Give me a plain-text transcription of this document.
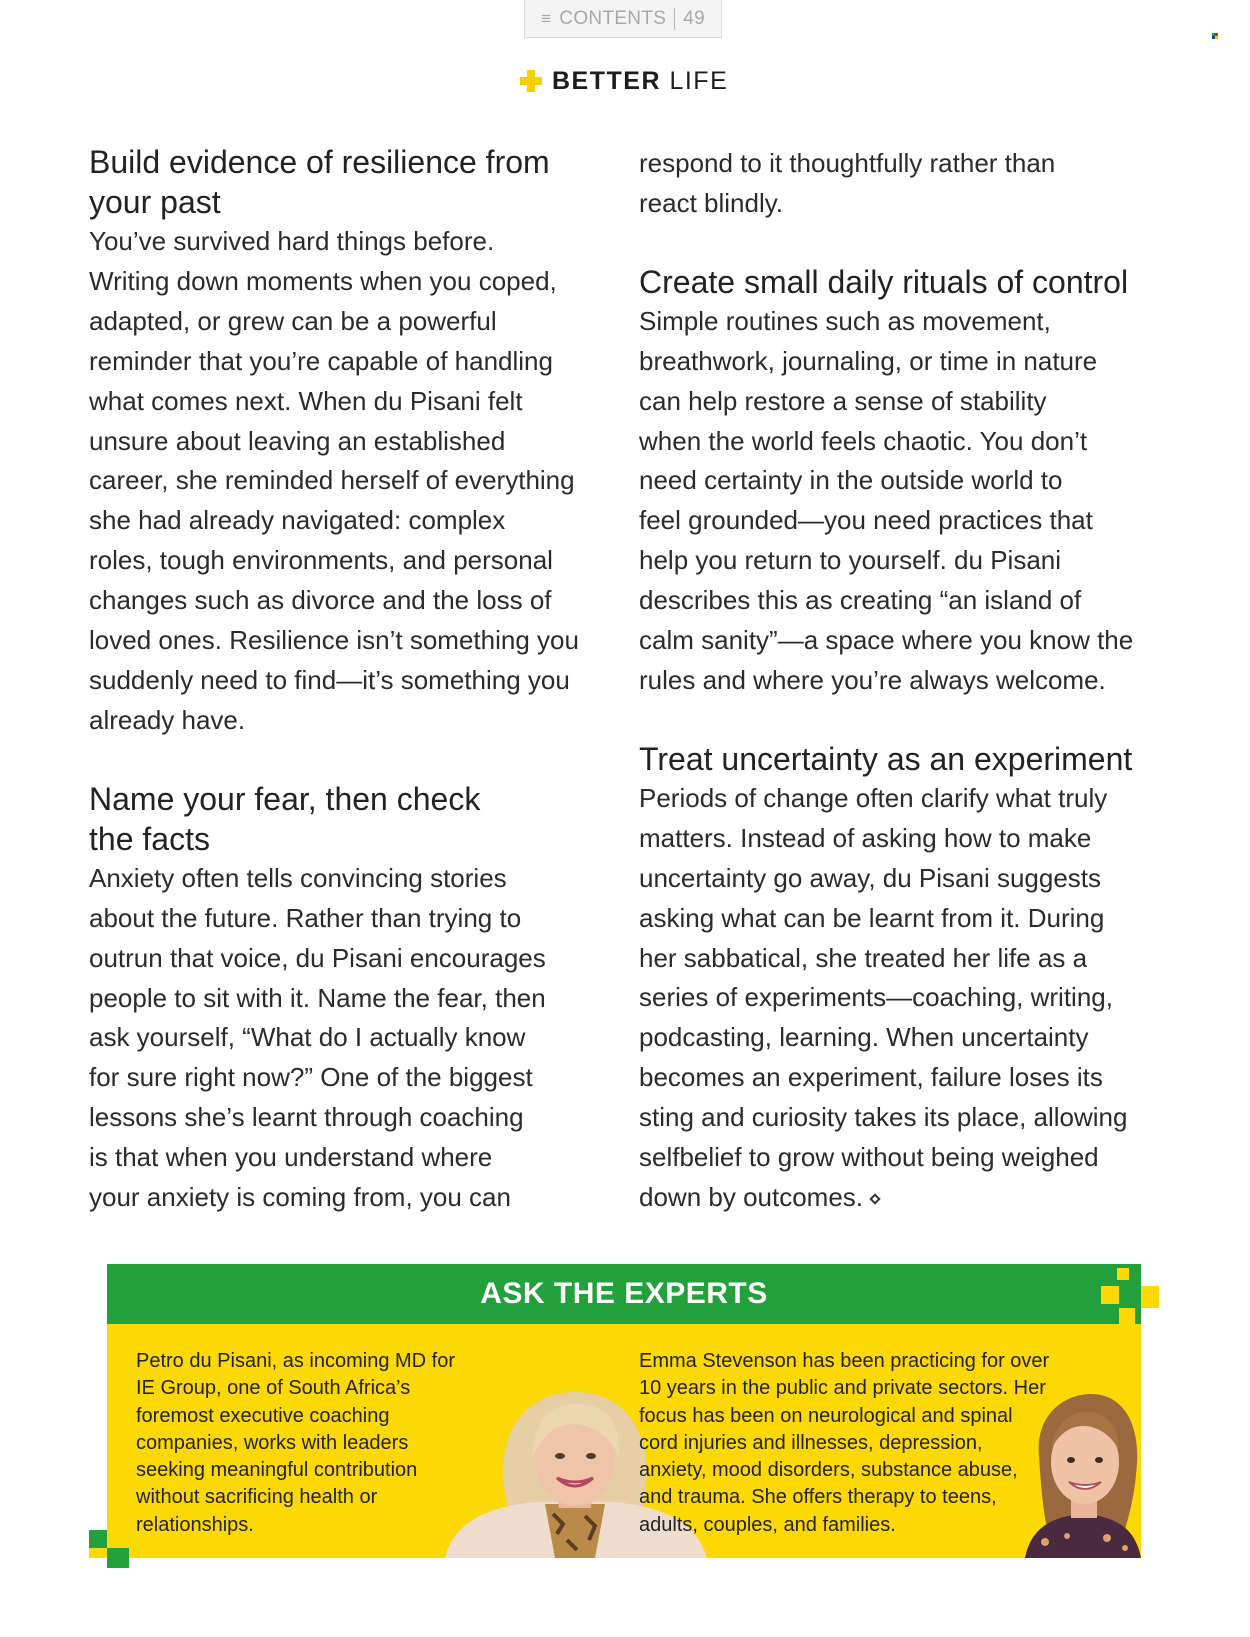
≡ CONTENTS 49
BETTER LIFE
Build evidence of resilience from
your past
You’ve survived hard things before.
Writing down moments when you coped,
adapted, or grew can be a powerful
reminder that you’re capable of handling
what comes next. When du Pisani felt
unsure about leaving an established
career, she reminded herself of everything
she had already navigated: complex
roles, tough environments, and personal
changes such as divorce and the loss of
loved ones. Resilience isn’t something you
suddenly need to find—it’s something you
already have.
Name your fear, then check
the facts
Anxiety often tells convincing stories
about the future. Rather than trying to
outrun that voice, du Pisani encourages
people to sit with it. Name the fear, then
ask yourself, “What do I actually know
for sure right now?” One of the biggest
lessons she’s learnt through coaching
is that when you understand where
your anxiety is coming from, you can
respond to it thoughtfully rather than
react blindly.
Create small daily rituals of control
Simple routines such as movement,
breathwork, journaling, or time in nature
can help restore a sense of stability
when the world feels chaotic. You don’t
need certainty in the outside world to
feel grounded—you need practices that
help you return to yourself. du Pisani
describes this as creating “an island of
calm sanity”—a space where you know the
rules and where you’re always welcome.
Treat uncertainty as an experiment
Periods of change often clarify what truly
matters. Instead of asking how to make
uncertainty go away, du Pisani suggests
asking what can be learnt from it. During
her sabbatical, she treated her life as a
series of experiments—coaching, writing,
podcasting, learning. When uncertainty
becomes an experiment, failure loses its
sting and curiosity takes its place, allowing
selfbelief to grow without being weighed
down by outcomes.
ASK THE EXPERTS

Petro du Pisani, as incoming MD for
IE Group, one of South Africa’s
foremost executive coaching
companies, works with leaders
seeking meaningful contribution
without sacrificing health or
relationships.

Emma Stevenson has been practicing for over
10 years in the public and private sectors. Her
focus has been on neurological and spinal
cord injuries and illnesses, depression,
anxiety, mood disorders, substance abuse,
and trauma. She offers therapy to teens,
adults, couples, and families.
